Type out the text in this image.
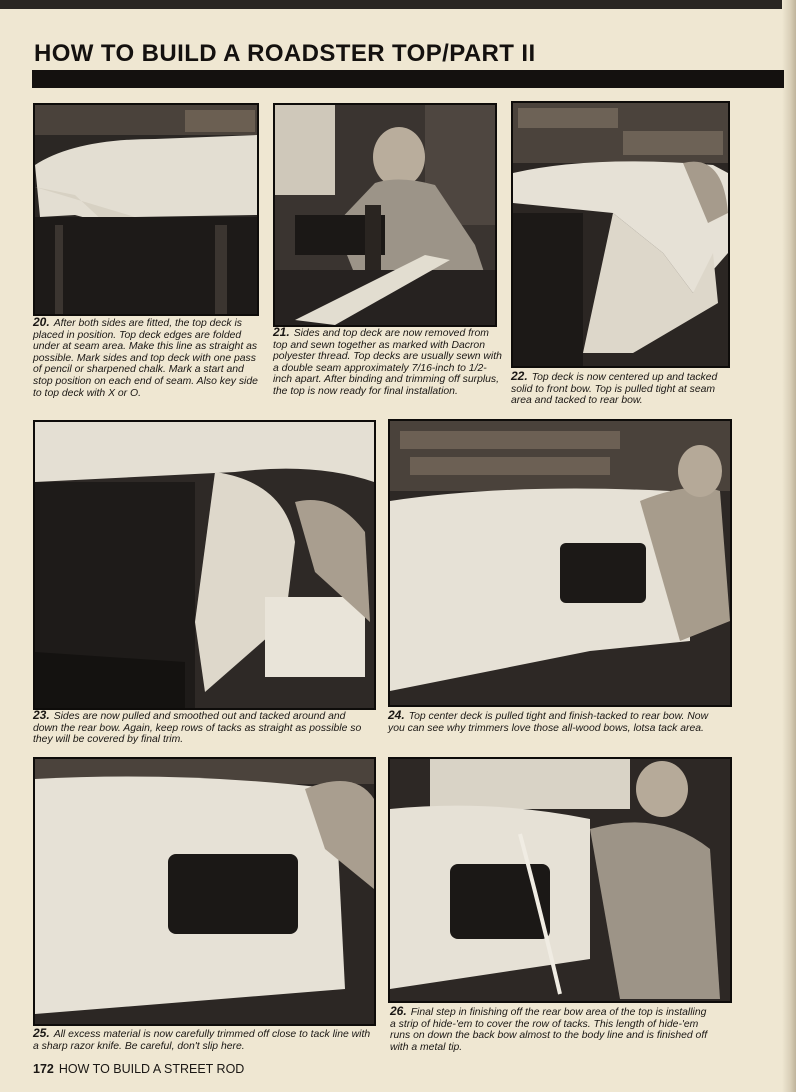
HOW TO BUILD A ROADSTER TOP/PART II

20. After both sides are fitted, the top deck is placed in position. Top deck edges are folded under at seam area. Make this line as straight as possible. Mark sides and top deck with one pass of pencil or sharpened chalk. Mark a start and stop position on each end of seam. Also key side to top deck with X or O.

21. Sides and top deck are now removed from top and sewn together as marked with Dacron polyester thread. Top decks are usually sewn with a double seam approximately 7/16-inch to 1/2-inch apart. After binding and trimming off surplus, the top is now ready for final installation.

22. Top deck is now centered up and tacked solid to front bow. Top is pulled tight at seam area and tacked to rear bow.

23. Sides are now pulled and smoothed out and tacked around and down the rear bow. Again, keep rows of tacks as straight as possible so they will be covered by final trim.

24. Top center deck is pulled tight and finish-tacked to rear bow. Now you can see why trimmers love those all-wood bows, lotsa tack area.

25. All excess material is now carefully trimmed off close to tack line with a sharp razor knife. Be careful, don't slip here.

26. Final step in finishing off the rear bow area of the top is installing a strip of hide-'em to cover the row of tacks. This length of hide-'em runs on down the back bow almost to the body line and is finished off with a metal tip.

172 HOW TO BUILD A STREET ROD
